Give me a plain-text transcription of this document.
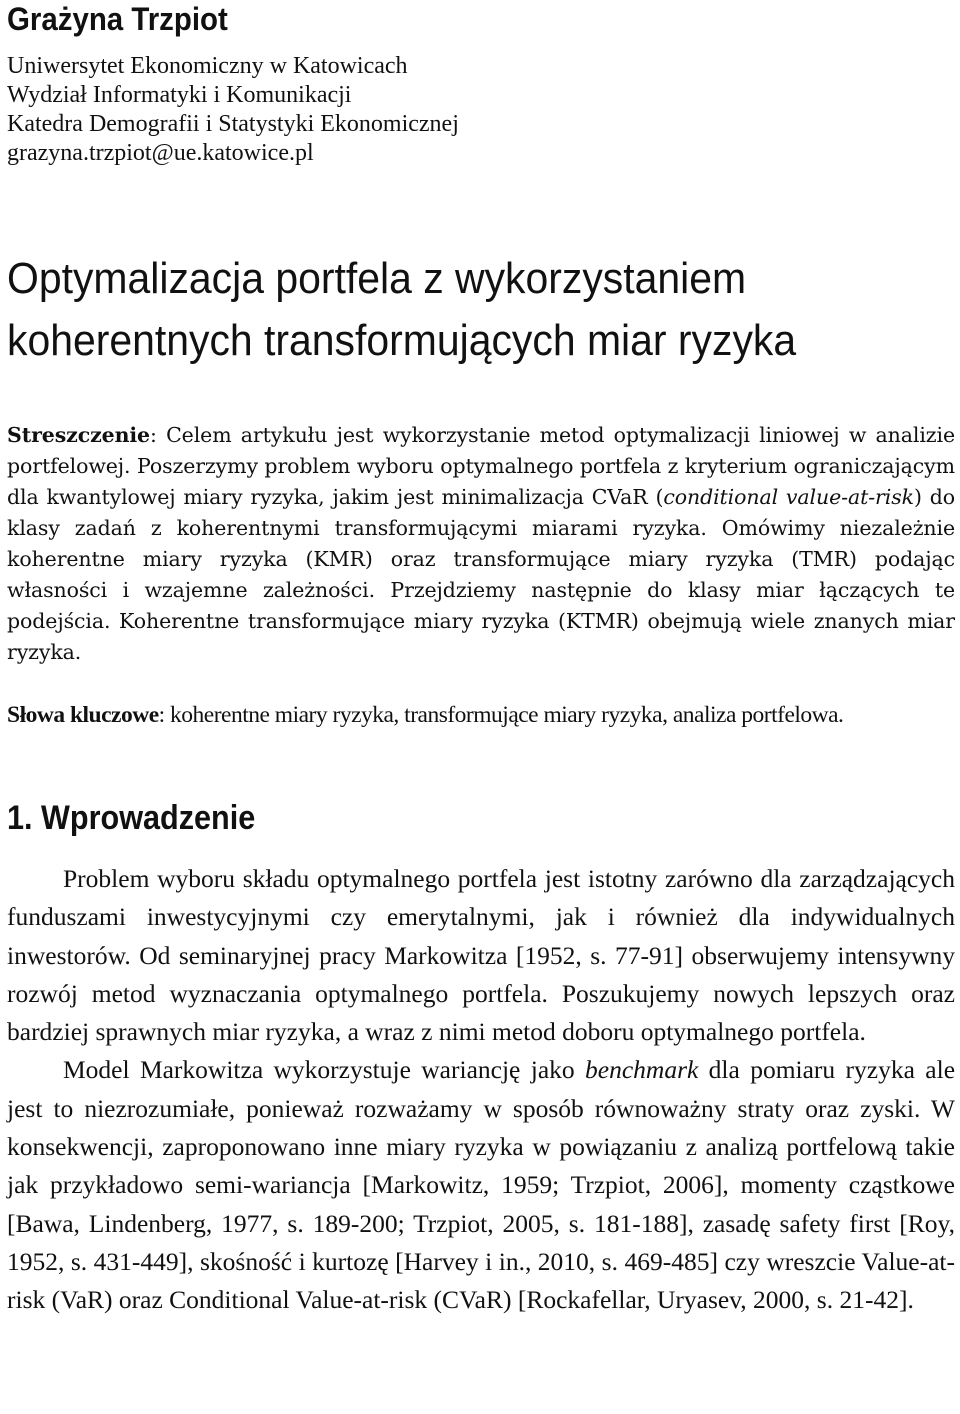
Grażyna Trzpiot
Uniwersytet Ekonomiczny w Katowicach
Wydział Informatyki i Komunikacji
Katedra Demografii i Statystyki Ekonomicznej
grazyna.trzpiot@ue.katowice.pl
Optymalizacja portfela z wykorzystaniem
koherentnych transformujących miar ryzyka
Streszczenie: Celem artykułu jest wykorzystanie metod optymalizacji liniowej w analizie portfelowej. Poszerzymy problem wyboru optymalnego portfela z kryterium ograniczającym dla kwantylowej miary ryzyka, jakim jest minimalizacja CVaR (conditional value-at-risk) do klasy zadań z koherentnymi transformującymi miarami ryzyka. Omówimy niezależnie koherentne miary ryzyka (KMR) oraz transformujące miary ryzyka (TMR) podając własności i wzajemne zależności. Przejdziemy następnie do klasy miar łączących te podejścia. Koherentne transformujące miary ryzyka (KTMR) obejmują wiele znanych miar ryzyka.
Słowa kluczowe: koherentne miary ryzyka, transformujące miary ryzyka, analiza portfelowa.
1. Wprowadzenie

Problem wyboru składu optymalnego portfela jest istotny zarówno dla zarządzających funduszami inwestycyjnymi czy emerytalnymi, jak i również dla indywidualnych inwestorów. Od seminaryjnej pracy Markowitza [1952, s. 77-91] obserwujemy intensywny rozwój metod wyznaczania optymalnego portfela. Poszukujemy nowych lepszych oraz bardziej sprawnych miar ryzyka, a wraz z nimi metod doboru optymalnego portfela.

Model Markowitza wykorzystuje wariancję jako benchmark dla pomiaru ryzyka ale jest to niezrozumiałe, ponieważ rozważamy w sposób równoważny straty oraz zyski. W konsekwencji, zaproponowano inne miary ryzyka w powiązaniu z analizą portfelową takie jak przykładowo semi-wariancja [Markowitz, 1959; Trzpiot, 2006], momenty cząstkowe [Bawa, Lindenberg, 1977, s. 189-200; Trzpiot, 2005, s. 181-188], zasadę safety first [Roy, 1952, s. 431-449], skośność i kurtozę [Harvey i in., 2010, s. 469-485] czy wreszcie Value-at-risk (VaR) oraz Conditional Value-at-risk (CVaR) [Rockafellar, Uryasev, 2000, s. 21-42].
